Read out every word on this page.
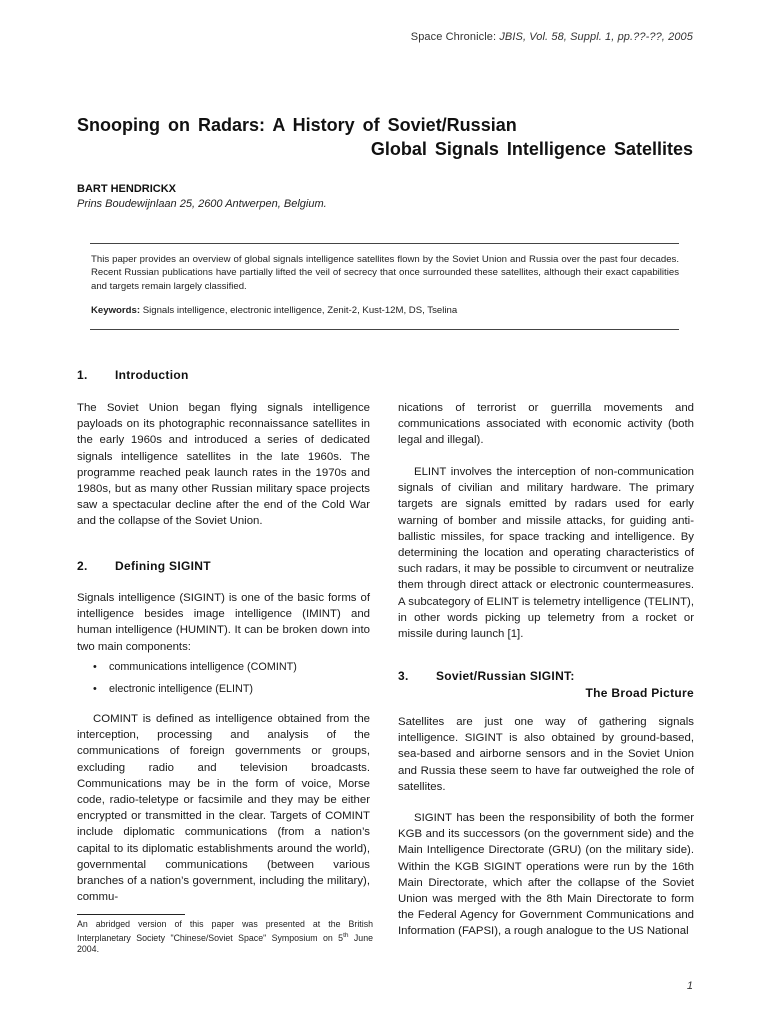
Space Chronicle: JBIS, Vol. 58, Suppl. 1, pp.??-??, 2005
Snooping on Radars: A History of Soviet/Russian
Global Signals Intelligence Satellites
BART HENDRICKX
Prins Boudewijnlaan 25, 2600 Antwerpen, Belgium.
This paper provides an overview of global signals intelligence satellites flown by the Soviet Union and Russia over the past four decades. Recent Russian publications have partially lifted the veil of secrecy that once surrounded these satellites, although their exact capabilities and targets remain largely classified.
Keywords: Signals intelligence, electronic intelligence, Zenit-2, Kust-12M, DS, Tselina
1. Introduction

The Soviet Union began flying signals intelligence payloads on its photographic reconnaissance satellites in the early 1960s and introduced a series of dedicated signals intelligence satellites in the late 1960s. The programme reached peak launch rates in the 1970s and 1980s, but as many other Russian military space projects saw a spectacular decline after the end of the Cold War and the collapse of the Soviet Union.

2. Defining SIGINT

Signals intelligence (SIGINT) is one of the basic forms of intelligence besides image intelligence (IMINT) and human intelligence (HUMINT). It can be broken down into two main components:

• communications intelligence (COMINT)
• electronic intelligence (ELINT)

COMINT is defined as intelligence obtained from the interception, processing and analysis of the communications of foreign governments or groups, excluding radio and television broadcasts. Communications may be in the form of voice, Morse code, radio-teletype or facsimile and they may be either encrypted or transmitted in the clear. Targets of COMINT include diplomatic communications (from a nation’s capital to its diplomatic establishments around the world), governmental communications (between various branches of a nation’s government, including the military), commu-

nications of terrorist or guerrilla movements and communications associated with economic activity (both legal and illegal).

ELINT involves the interception of non-communication signals of civilian and military hardware. The primary targets are signals emitted by radars used for early warning of bomber and missile attacks, for guiding anti-ballistic missiles, for space tracking and intelligence. By determining the location and operating characteristics of such radars, it may be possible to circumvent or neutralize them through direct attack or electronic countermeasures. A subcategory of ELINT is telemetry intelligence (TELINT), in other words picking up telemetry from a rocket or missile during launch [1].

3. Soviet/Russian SIGINT:
The Broad Picture

Satellites are just one way of gathering signals intelligence. SIGINT is also obtained by ground-based, sea-based and airborne sensors and in the Soviet Union and Russia these seem to have far outweighed the role of satellites.

SIGINT has been the responsibility of both the former KGB and its successors (on the government side) and the Main Intelligence Directorate (GRU) (on the military side). Within the KGB SIGINT operations were run by the 16th Main Directorate, which after the collapse of the Soviet Union was merged with the 8th Main Directorate to form the Federal Agency for Government Communications and Information (FAPSI), a rough analogue to the US National

An abridged version of this paper was presented at the British Interplanetary Society "Chinese/Soviet Space" Symposium on 5th June 2004.
1
